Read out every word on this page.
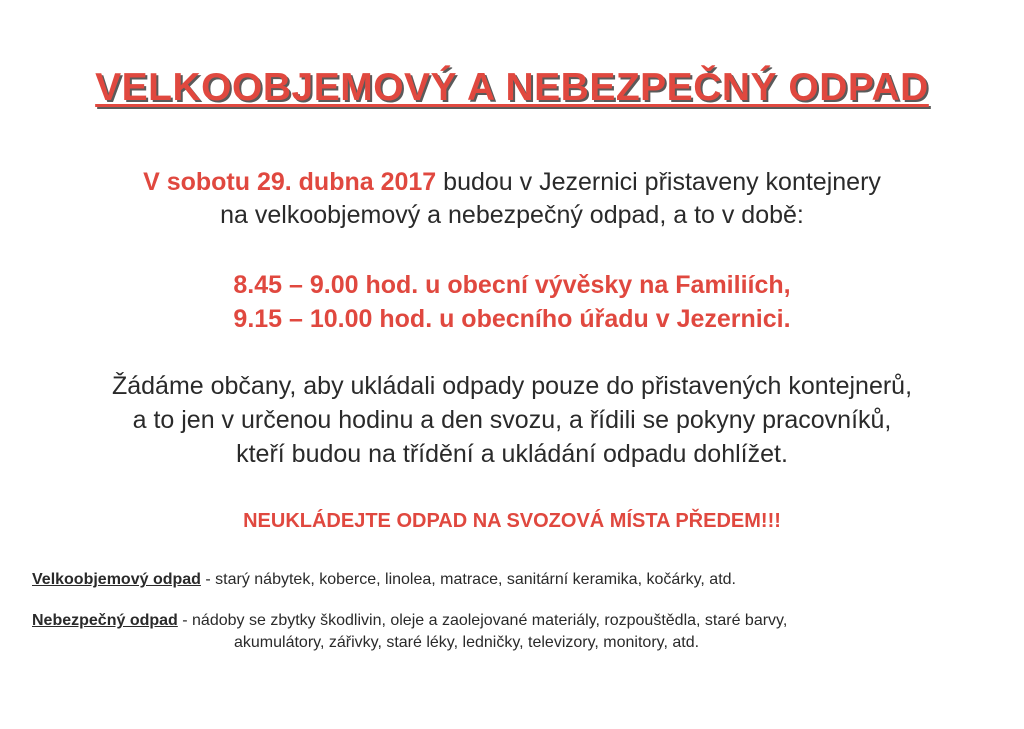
VELKOOBJEMOVÝ A NEBEZPEČNÝ ODPAD
V sobotu 29. dubna 2017 budou v Jezernici přistaveny kontejnery
na velkoobjemový a nebezpečný odpad, a to v době:
8.45 – 9.00 hod. u obecní vývěsky na Familiích,
9.15 – 10.00 hod. u obecního úřadu v Jezernici.
Žádáme občany, aby ukládali odpady pouze do přistavených kontejnerů,
a to jen v určenou hodinu a den svozu, a řídili se pokyny pracovníků,
kteří budou na třídění a ukládání odpadu dohlížet.
NEUKLÁDEJTE ODPAD NA SVOZOVÁ MÍSTA PŘEDEM!!!
Velkoobjemový odpad - starý nábytek, koberce, linolea, matrace, sanitární keramika, kočárky, atd.
Nebezpečný odpad - nádoby se zbytky škodlivin, oleje a zaolejované materiály, rozpouštědla, staré barvy,
akumulátory, zářivky, staré léky, ledničky, televizory, monitory, atd.
